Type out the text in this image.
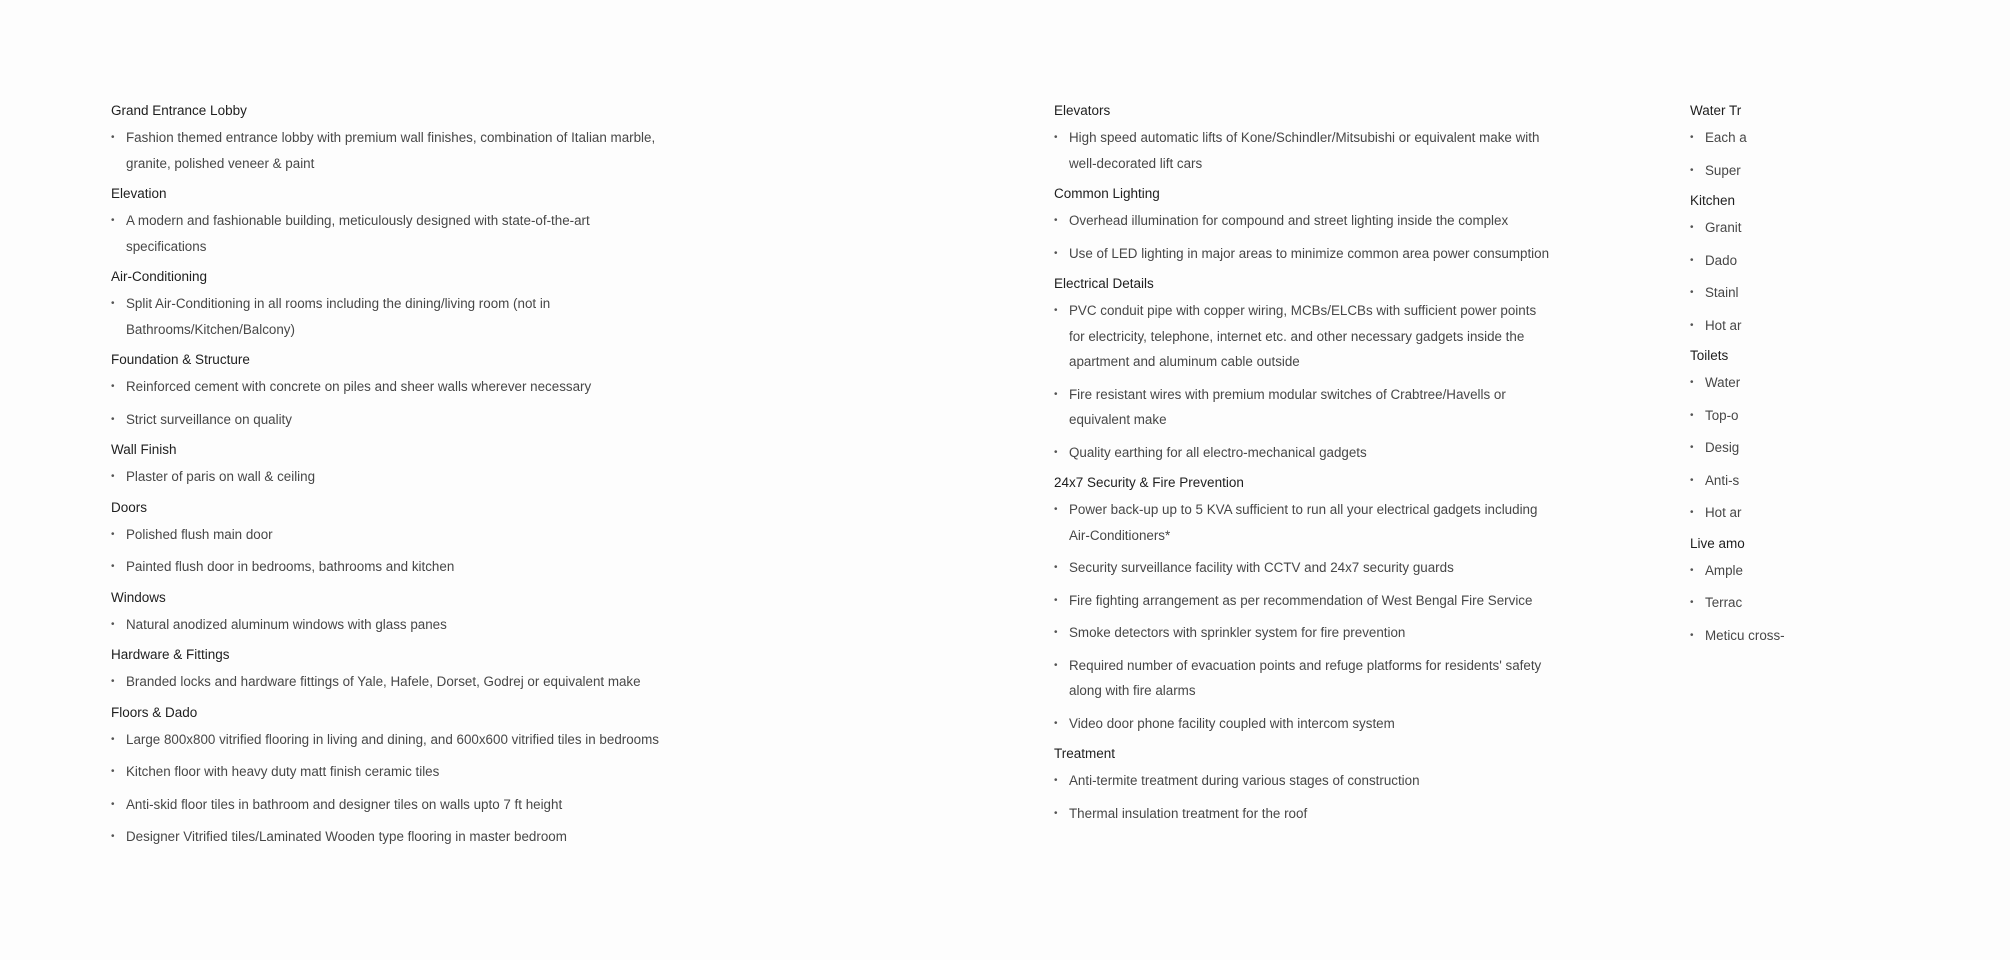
Grand Entrance Lobby
• Fashion themed entrance lobby with premium wall finishes, combination of Italian marble, granite, polished veneer & paint
Elevation
• A modern and fashionable building, meticulously designed with state-of-the-art specifications
Air-Conditioning
• Split Air-Conditioning in all rooms including the dining/living room (not in Bathrooms/Kitchen/Balcony)
Foundation & Structure
• Reinforced cement with concrete on piles and sheer walls wherever necessary
• Strict surveillance on quality
Wall Finish
• Plaster of paris on wall & ceiling
Doors
• Polished flush main door
• Painted flush door in bedrooms, bathrooms and kitchen
Windows
• Natural anodized aluminum windows with glass panes
Hardware & Fittings
• Branded locks and hardware fittings of Yale, Hafele, Dorset, Godrej or equivalent make
Floors & Dado
• Large 800x800 vitrified flooring in living and dining, and 600x600 vitrified tiles in bedrooms
• Kitchen floor with heavy duty matt finish ceramic tiles
• Anti-skid floor tiles in bathroom and designer tiles on walls upto 7 ft height
• Designer Vitrified tiles/Laminated Wooden type flooring in master bedroom
Elevators
• High speed automatic lifts of Kone/Schindler/Mitsubishi or equivalent make with well-decorated lift cars
Common Lighting
• Overhead illumination for compound and street lighting inside the complex
• Use of LED lighting in major areas to minimize common area power consumption
Electrical Details
• PVC conduit pipe with copper wiring, MCBs/ELCBs with sufficient power points for electricity, telephone, internet etc. and other necessary gadgets inside the apartment and aluminum cable outside
• Fire resistant wires with premium modular switches of Crabtree/Havells or equivalent make
• Quality earthing for all electro-mechanical gadgets
24x7 Security & Fire Prevention
• Power back-up up to 5 KVA sufficient to run all your electrical gadgets including Air-Conditioners*
• Security surveillance facility with CCTV and 24x7 security guards
• Fire fighting arrangement as per recommendation of West Bengal Fire Service
• Smoke detectors with sprinkler system for fire prevention
• Required number of evacuation points and refuge platforms for residents' safety along with fire alarms
• Video door phone facility coupled with intercom system
Treatment
• Anti-termite treatment during various stages of construction
• Thermal insulation treatment for the roof
Water Tr
• Each a
• Super
Kitchen
• Granit
• Dado
• Stainl
• Hot ar
Toilets
• Water
• Top-o
• Desig
• Anti-s
• Hot ar
Live amo
• Ample
• Terrac
• Meticu cross-
